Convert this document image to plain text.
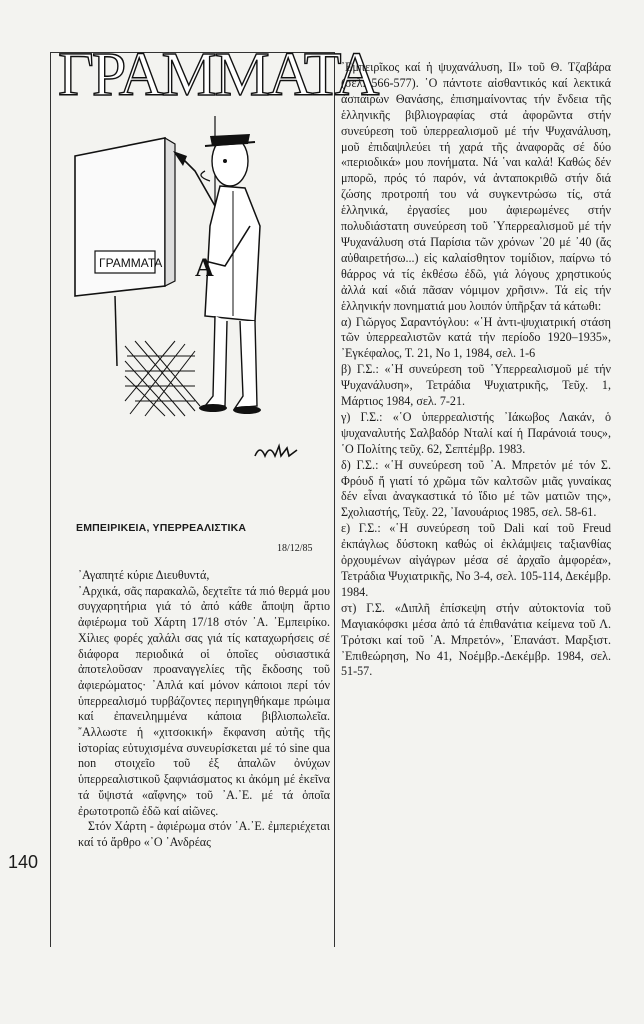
ΓΡΑΜΜΑΤΑ
ΓΡΑΜΜΑΤΑ Α
ΕΜΠΕΙΡΙΚΕΙΑ, ΥΠΕΡΡΕΑΛΙΣΤΙΚΑ
18/12/85
140

᾿Αγαπητέ κύριε Διευθυντά,

᾿Αρχικά, σᾶς παρακαλῶ, δεχτεῖτε τά πιό θερμά μου συγχαρητήρια γιά τό ἀπό κάθε ἄποψη ἄρτιο ἀφιέρωμα τοῦ Χάρτη 17/18 στόν ᾿Α. ᾿Εμπειρίκο. Χίλιες φορές χαλάλι σας γιά τίς καταχωρήσεις σέ διάφορα περιοδικά οἱ ὁποῖες οὐσιαστικά ἀποτελοῦσαν προαναγγελίες τῆς ἔκδοσης τοῦ ἀφιερώματος· ᾿Απλά καί μόνον κάποιοι περί τόν ὑπερρεαλισμό τυρβάζοντες περιηγηθήκαμε πρώιμα καί ἐπανειλημμένα κάποια βιβλιοπωλεῖα. ῎Αλλωστε ἡ «χιτσοκική» ἔκφανση αὐτῆς τῆς ἱστορίας εὐτυχισμένα συνευρίσκεται μέ τό sine qua non στοιχεῖο τοῦ ἐξ ἀπαλῶν ὀνύχων ὑπερρεαλιστικοῦ ξαφνιάσματος κι ἀκόμη μέ ἐκεῖνα τά ὕψιστά «αἴφνης» τοῦ ᾿Α.᾿Ε. μέ τά ὁποῖα ἐρωτοτροπῶ ἐδῶ καί αἰῶνες.

Στόν Χάρτη - ἀφιέρωμα στόν ᾿Α.᾿Ε. ἐμπεριέχεται καί τό ἄρθρο «᾿Ο ᾿Ανδρέας

᾿Εμπειρῖκος καί ἡ ψυχανάλυση, ΙΙ» τοῦ Θ. Τζαβάρα (σελ. 566-577). ῾Ο πάντοτε αἰσθαντικός καί λεκτικά ἀσπαίρων Θανάσης, ἐπισημαίνοντας τήν ἔνδεια τῆς ἑλληνικῆς βιβλιογραφίας στά ἀφορῶντα στήν συνεύρεση τοῦ ὑπερρεαλισμοῦ μέ τήν Ψυχανάλυση, μοῦ ἐπιδαψιλεύει τή χαρά τῆς ἀναφορᾶς σέ δύο «περιοδικά» μου πονήματα. Νά ῾ναι καλά! Καθώς δέν μπορῶ, πρός τό παρόν, νά ἀνταποκριθῶ στήν διά ζώσης προτροπή του νά συγκεντρώσω τίς, στά ἑλληνικά, ἐργασίες μου ἀφιερωμένες στήν πολυδιάστατη συνεύρεση τοῦ ῾Υπερρεαλισμοῦ μέ τήν Ψυχανάλυση στά Παρίσια τῶν χρόνων ᾿20 μέ ᾿40 (ἄς αὐθαιρετήσω...) εἰς καλαίσθητον τομίδιον, παίρνω τό θάρρος νά τίς ἐκθέσω ἐδῶ, γιά λόγους χρηστικούς ἀλλά καί «διά πᾶσαν νόμιμον χρῆσιν». Τά εἰς τήν ἑλληνικήν πονηματιά μου λοιπόν ὑπῆρξαν τά κάτωθι:

α) Γιῶργος Σαραντόγλου: «῾Η ἀντι-ψυχιατρική στάση τῶν ὑπερρεαλιστῶν κατά τήν περίοδο 1920–1935», ᾿Εγκέφαλος, Τ. 21, Νο 1, 1984, σελ. 1-6

β) Γ.Σ.: «῾Η συνεύρεση τοῦ ῾Υπερρεαλισμοῦ μέ τήν Ψυχανάλυση», Τετράδια Ψυχιατρικῆς, Τεῦχ. 1, Μάρτιος 1984, σελ. 7-21.

γ) Γ.Σ.: «῾Ο ὑπερρεαλιστής ᾿Ιάκωβος Λακάν, ὁ ψυχαναλυτής Σαλβαδόρ Νταλί καί ἡ Παράνοιά τους», ῾Ο Πολίτης τεῦχ. 62, Σεπτέμβρ. 1983.

δ) Γ.Σ.: «῾Η συνεύρεση τοῦ ᾿Α. Μπρετόν μέ τόν Σ. Φρόυδ ἤ γιατί τό χρῶμα τῶν καλτσῶν μιᾶς γυναίκας δέν εἶναι ἀναγκαστικά τό ἴδιο μέ τῶν ματιῶν της», Σχολιαστής, Τεῦχ. 22, ᾿Ιανουάριος 1985, σελ. 58-61.

ε) Γ.Σ.: «῾Η συνεύρεση τοῦ Dali καί τοῦ Freud ἐκπάγλως δύστοκη καθώς οἱ ἐκλάμψεις ταξιανθίας ὀρχουμένων αἰγάγρων μέσα σέ ἀρχαῖο ἀμφορέα», Τετράδια Ψυχιατρικῆς, Νο 3-4, σελ. 105-114, Δεκέμβρ. 1984.

στ) Γ.Σ. «Διπλῆ ἐπίσκεψη στήν αὐτοκτονία τοῦ Μαγιακόφσκι μέσα ἀπό τά ἐπιθανάτια κείμενα τοῦ Λ. Τρότσκι καί τοῦ ᾿Α. Μπρετόν», ᾿Επανάστ. Μαρξιστ. ᾿Επιθεώρηση, Νο 41, Νοέμβρ.-Δεκέμβρ. 1984, σελ. 51-57.
